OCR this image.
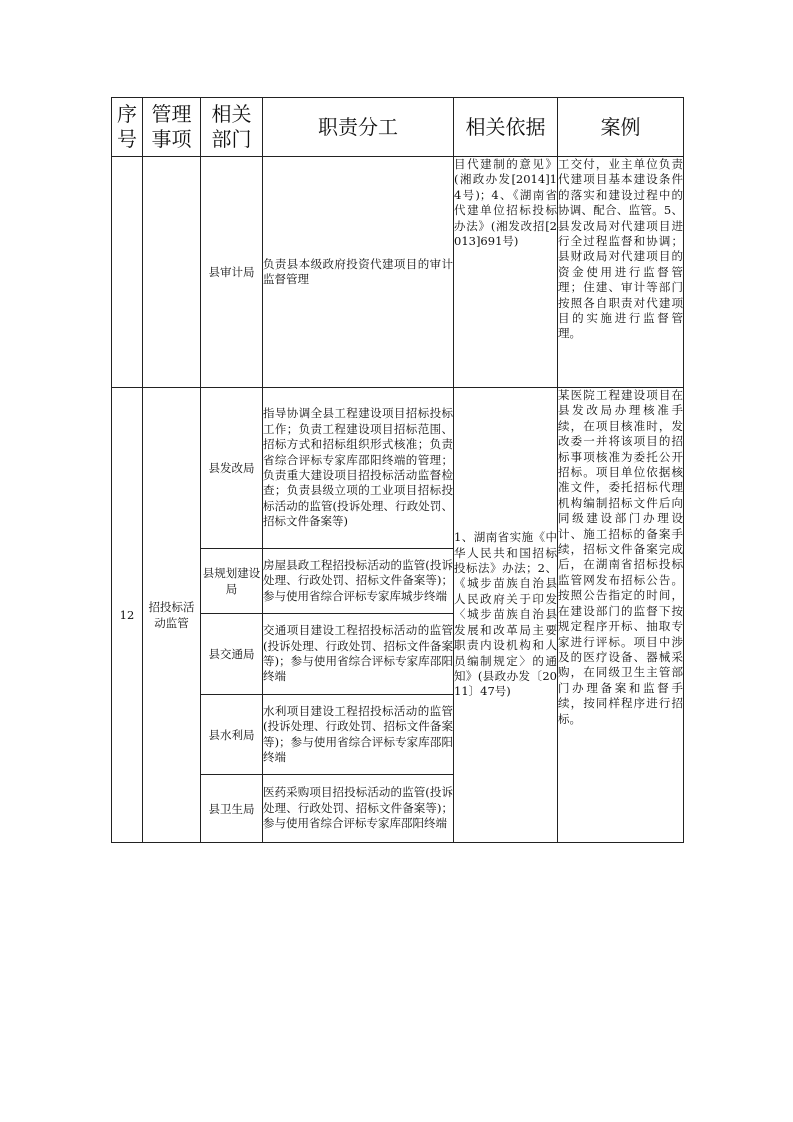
序号	管理事项	相关部门	职责分工	相关依据	案例
		县审计局	负责县本级政府投资代建项目的审计监督管理	目代建制的意见》(湘政办发[2014]14号)；4、《湖南省代建单位招标投标办法》(湘发改招[2013]691号)	工交付，业主单位负责代建项目基本建设条件的落实和建设过程中的协调、配合、监管。5、县发改局对代建项目进行全过程监督和协调；县财政局对代建项目的资金使用进行监督管理；住建、审计等部门按照各自职责对代建项目的实施进行监督管理。
12	招投标活动监管	县发改局	指导协调全县工程建设项目招标投标工作；负责工程建设项目招标范围、招标方式和招标组织形式核准；负责省综合评标专家库邵阳终端的管理；负责重大建设项目招投标活动监督检查；负责县级立项的工业项目招标投标活动的监管(投诉处理、行政处罚、招标文件备案等)	1、湖南省实施《中华人民共和国招标投标法》办法；2、《城步苗族自治县人民政府关于印发〈城步苗族自治县发展和改革局主要职责内设机构和人员编制规定〉的通知》(县政办发〔2011〕47号)	某医院工程建设项目在县发改局办理核准手续，在项目核准时，发改委一并将该项目的招标事项核准为委托公开招标。项目单位依据核准文件，委托招标代理机构编制招标文件后向同级建设部门办理设计、施工招标的备案手续，招标文件备案完成后，在湖南省招标投标监管网发布招标公告。按照公告指定的时间，在建设部门的监督下按规定程序开标、抽取专家进行评标。项目中涉及的医疗设备、器械采购，在同级卫生主管部门办理备案和监督手续，按同样程序进行招标。
		县规划建设局	房屋县政工程招投标活动的监管(投诉处理、行政处罚、招标文件备案等)；参与使用省综合评标专家库城步终端		
		县交通局	交通项目建设工程招投标活动的监管(投诉处理、行政处罚、招标文件备案等)；参与使用省综合评标专家库邵阳终端		
		县水利局	水利项目建设工程招投标活动的监管(投诉处理、行政处罚、招标文件备案等)；参与使用省综合评标专家库邵阳终端		
		县卫生局	医药采购项目招投标活动的监管(投诉处理、行政处罚、招标文件备案等)；参与使用省综合评标专家库邵阳终端		
